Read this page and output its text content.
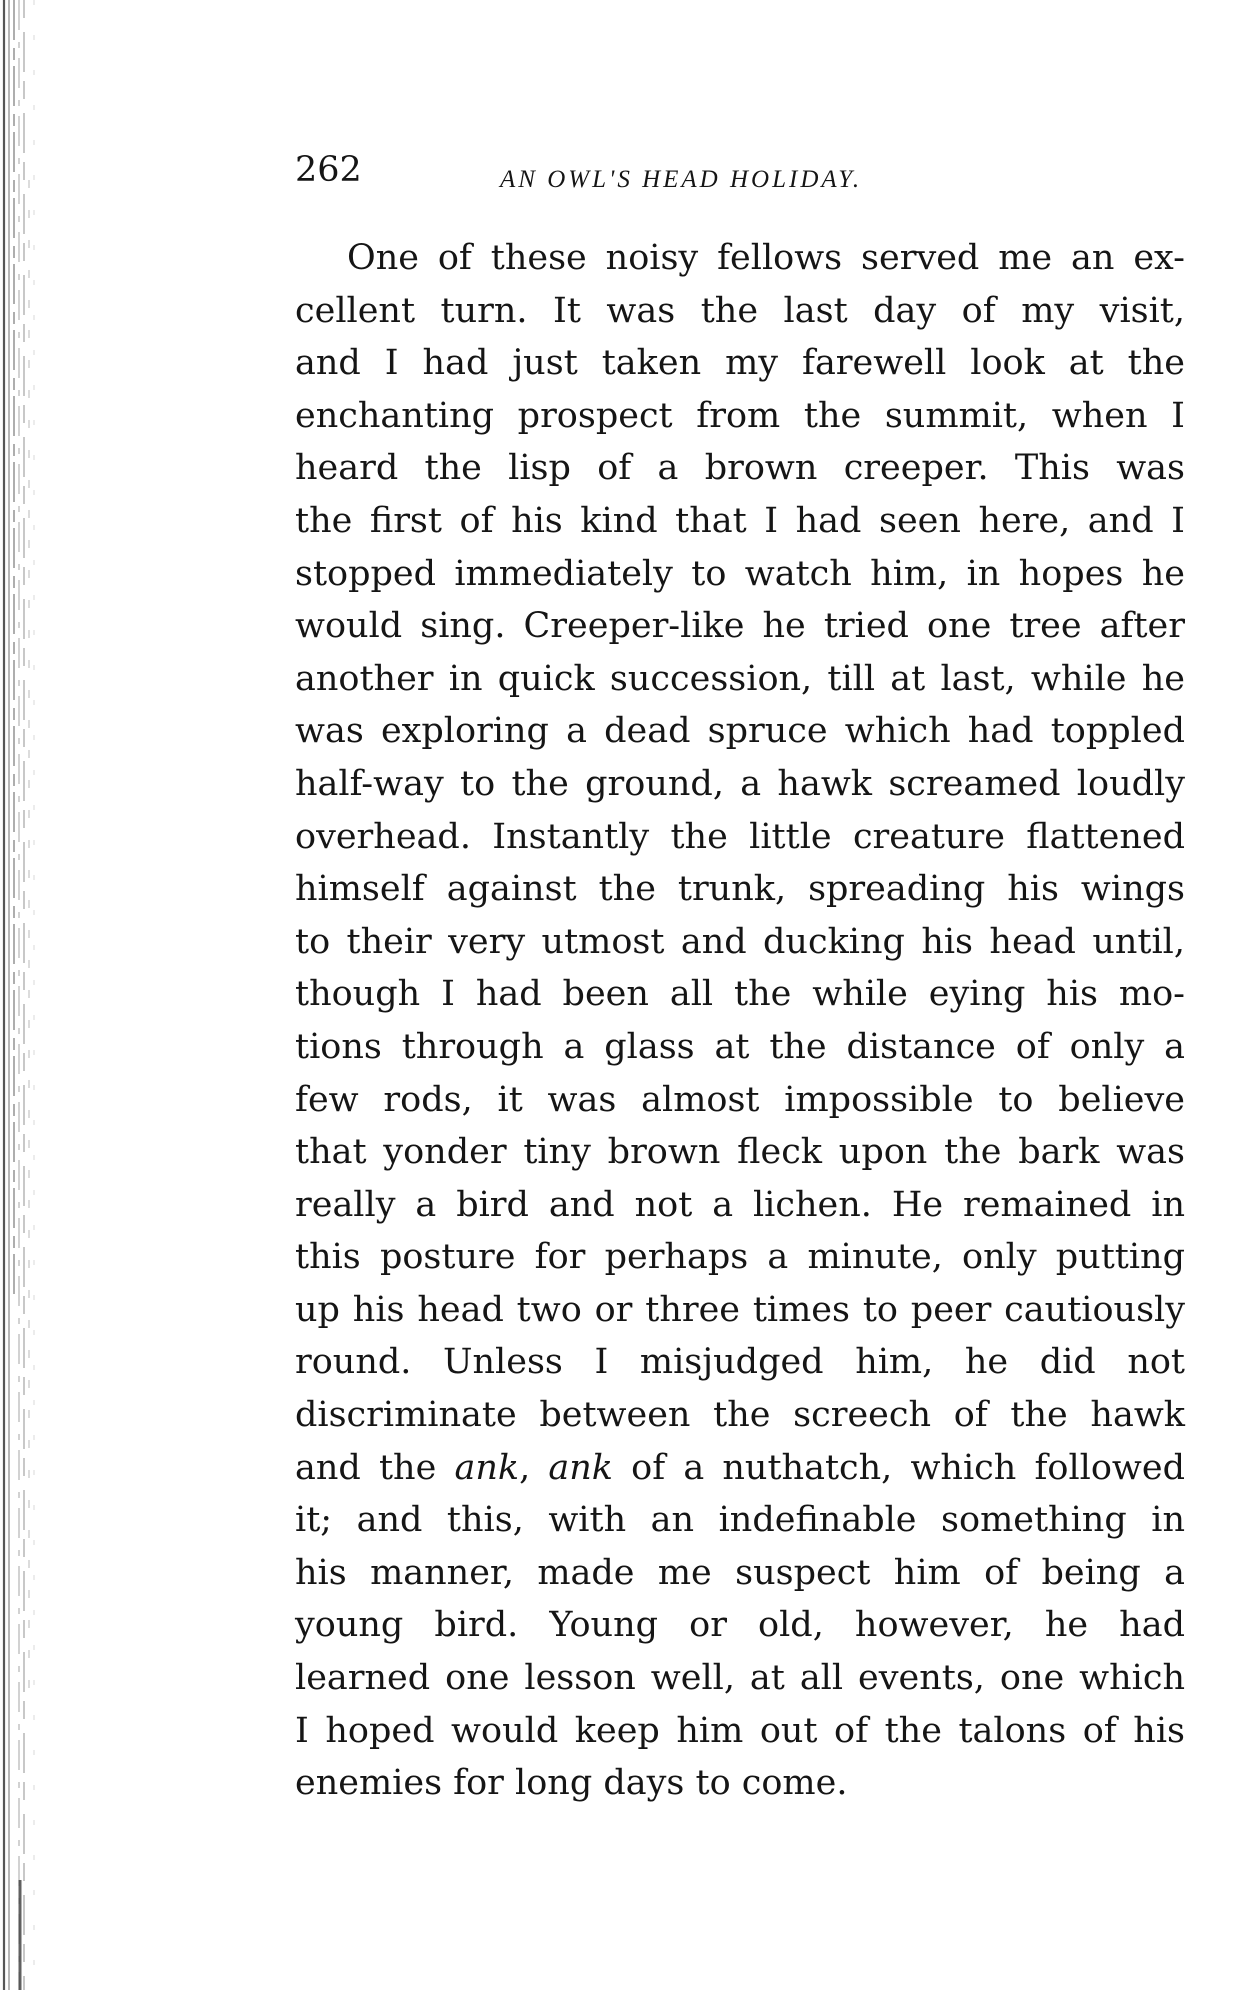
262	AN OWL'S HEAD HOLIDAY.
One of these noisy fellows served me an ex-
cellent turn. It was the last day of my visit,
and I had just taken my farewell look at the
enchanting prospect from the summit, when I
heard the lisp of a brown creeper. This was
the first of his kind that I had seen here, and I
stopped immediately to watch him, in hopes he
would sing. Creeper-like he tried one tree after
another in quick succession, till at last, while he
was exploring a dead spruce which had toppled
half-way to the ground, a hawk screamed loudly
overhead. Instantly the little creature flattened
himself against the trunk, spreading his wings
to their very utmost and ducking his head until,
though I had been all the while eying his mo-
tions through a glass at the distance of only a
few rods, it was almost impossible to believe
that yonder tiny brown fleck upon the bark was
really a bird and not a lichen. He remained in
this posture for perhaps a minute, only putting
up his head two or three times to peer cautiously
round. Unless I misjudged him, he did not
discriminate between the screech of the hawk
and the ank, ank of a nuthatch, which followed
it; and this, with an indefinable something in
his manner, made me suspect him of being a
young bird. Young or old, however, he had
learned one lesson well, at all events, one which
I hoped would keep him out of the talons of his
enemies for long days to come.
